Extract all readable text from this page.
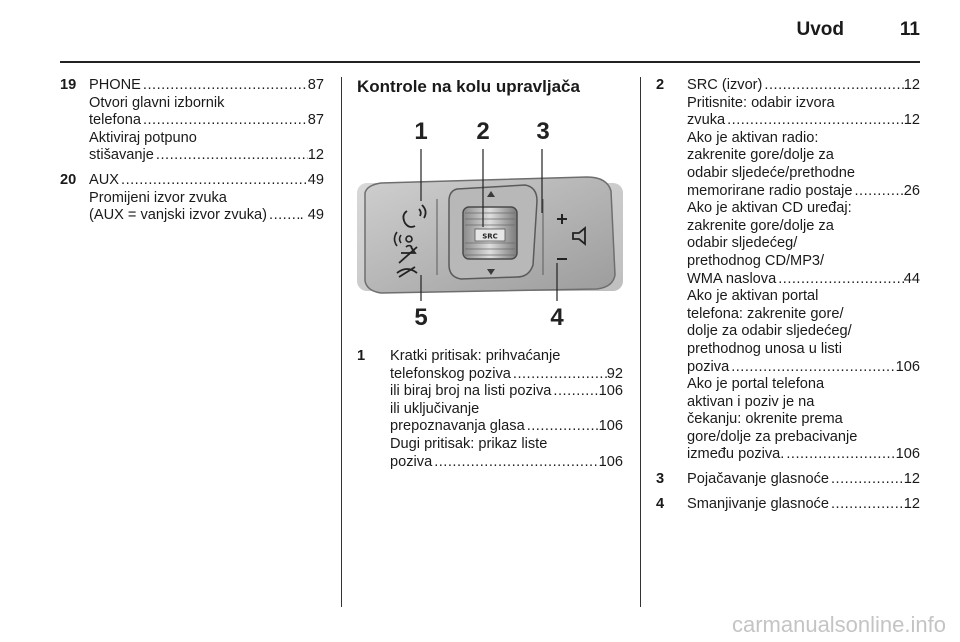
Uvod	11
19 PHONE .....	87
Otvori glavni izbornik
telefona .....	87
Aktiviraj potpuno
stišavanje .....	12
20 AUX .....	49
Promijeni izvor zvuka
(AUX = vanjski izvor zvuka) ..... . 49
Kontrole na kolu upravljača
SRC
1 2 3
4
5
1	Kratki pritisak: prihvaćanje
telefonskog poziva .....	92
ili biraj broj na listi poziva .....	106
ili uključivanje
prepoznavanja glasa .....	106
Dugi pritisak: prikaz liste
poziva .....	106
2	SRC (izvor) .....	12
Pritisnite: odabir izvora
zvuka .....	12
Ako je aktivan radio:
zakrenite gore/dolje za
odabir sljedeće/prethodne
memorirane radio postaje .....	26
Ako je aktivan CD uređaj:
zakrenite gore/dolje za
odabir sljedećeg/
prethodnog CD/MP3/
WMA naslova .....	44
Ako je aktivan portal
telefona: zakrenite gore/
dolje za odabir sljedećeg/
prethodnog unosa u listi
poziva .....	106
Ako je portal telefona
aktivan i poziv je na
čekanju: okrenite prema
gore/dolje za prebacivanje
između poziva. .....	106
3	Pojačavanje glasnoće .....	12
4	Smanjivanje glasnoće .....	12
carmanualsonline.info
